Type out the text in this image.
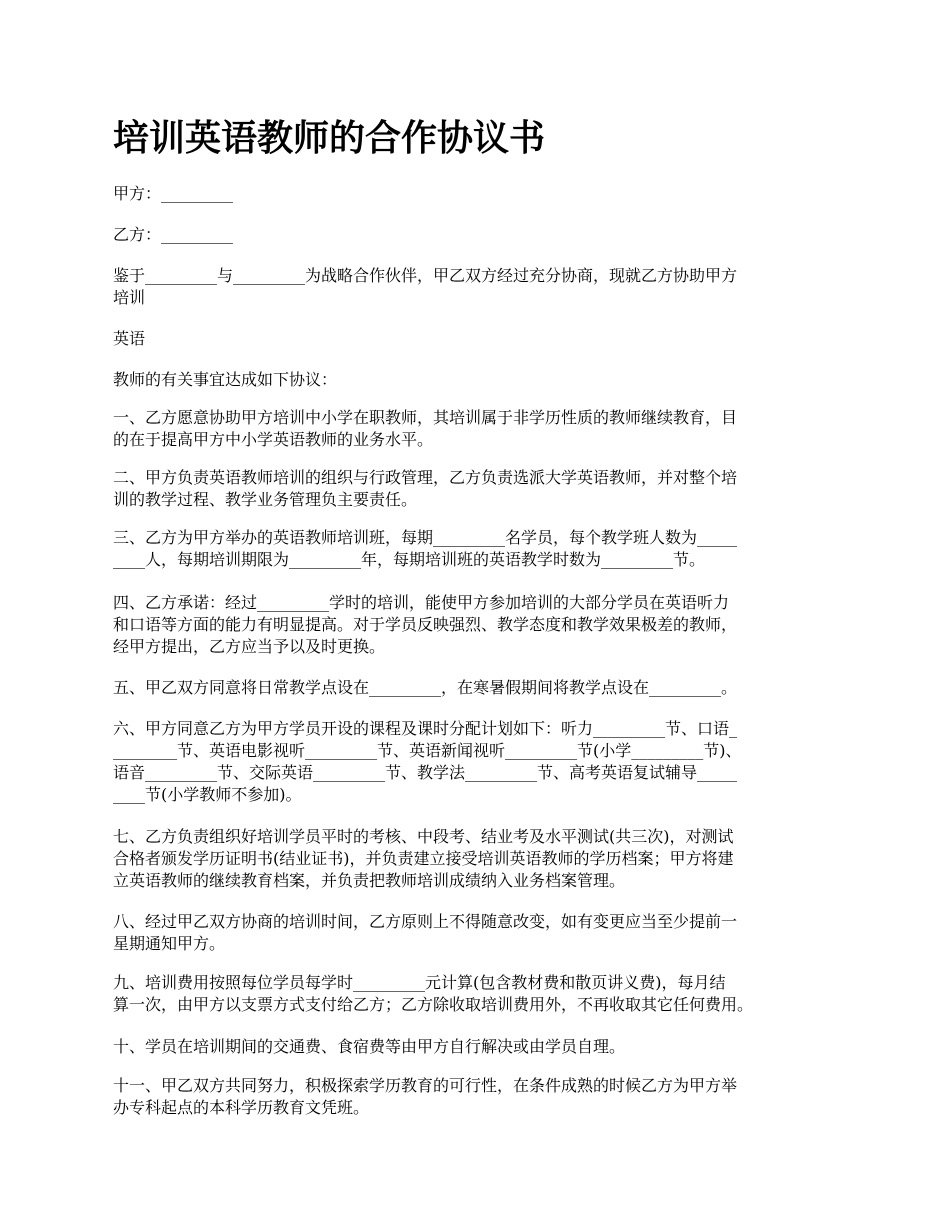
培训英语教师的合作协议书

甲方：_________

乙方：_________

鉴于_________与_________为战略合作伙伴，甲乙双方经过充分协商，现就乙方协助甲方
培训

英语

教师的有关事宜达成如下协议：

一、乙方愿意协助甲方培训中小学在职教师，其培训属于非学历性质的教师继续教育，目
的在于提高甲方中小学英语教师的业务水平。

二、甲方负责英语教师培训的组织与行政管理，乙方负责选派大学英语教师，并对整个培
训的教学过程、教学业务管理负主要责任。

三、乙方为甲方举办的英语教师培训班，每期_________名学员，每个教学班人数为_____
____人，每期培训期限为_________年，每期培训班的英语教学时数为_________节。

四、乙方承诺：经过_________学时的培训，能使甲方参加培训的大部分学员在英语听力
和口语等方面的能力有明显提高。对于学员反映强烈、教学态度和教学效果极差的教师，
经甲方提出，乙方应当予以及时更换。

五、甲乙双方同意将日常教学点设在_________，在寒暑假期间将教学点设在_________。

六、甲方同意乙方为甲方学员开设的课程及课时分配计划如下：听力_________节、口语_
________节、英语电影视听_________节、英语新闻视听_________节(小学_________节)、
语音_________节、交际英语_________节、教学法_________节、高考英语复试辅导_____
____节(小学教师不参加)。

七、乙方负责组织好培训学员平时的考核、中段考、结业考及水平测试(共三次)，对测试
合格者颁发学历证明书(结业证书)，并负责建立接受培训英语教师的学历档案；甲方将建
立英语教师的继续教育档案，并负责把教师培训成绩纳入业务档案管理。

八、经过甲乙双方协商的培训时间，乙方原则上不得随意改变，如有变更应当至少提前一
星期通知甲方。

九、培训费用按照每位学员每学时_________元计算(包含教材费和散页讲义费)，每月结
算一次，由甲方以支票方式支付给乙方；乙方除收取培训费用外，不再收取其它任何费用。

十、学员在培训期间的交通费、食宿费等由甲方自行解决或由学员自理。

十一、甲乙双方共同努力，积极探索学历教育的可行性，在条件成熟的时候乙方为甲方举
办专科起点的本科学历教育文凭班。
